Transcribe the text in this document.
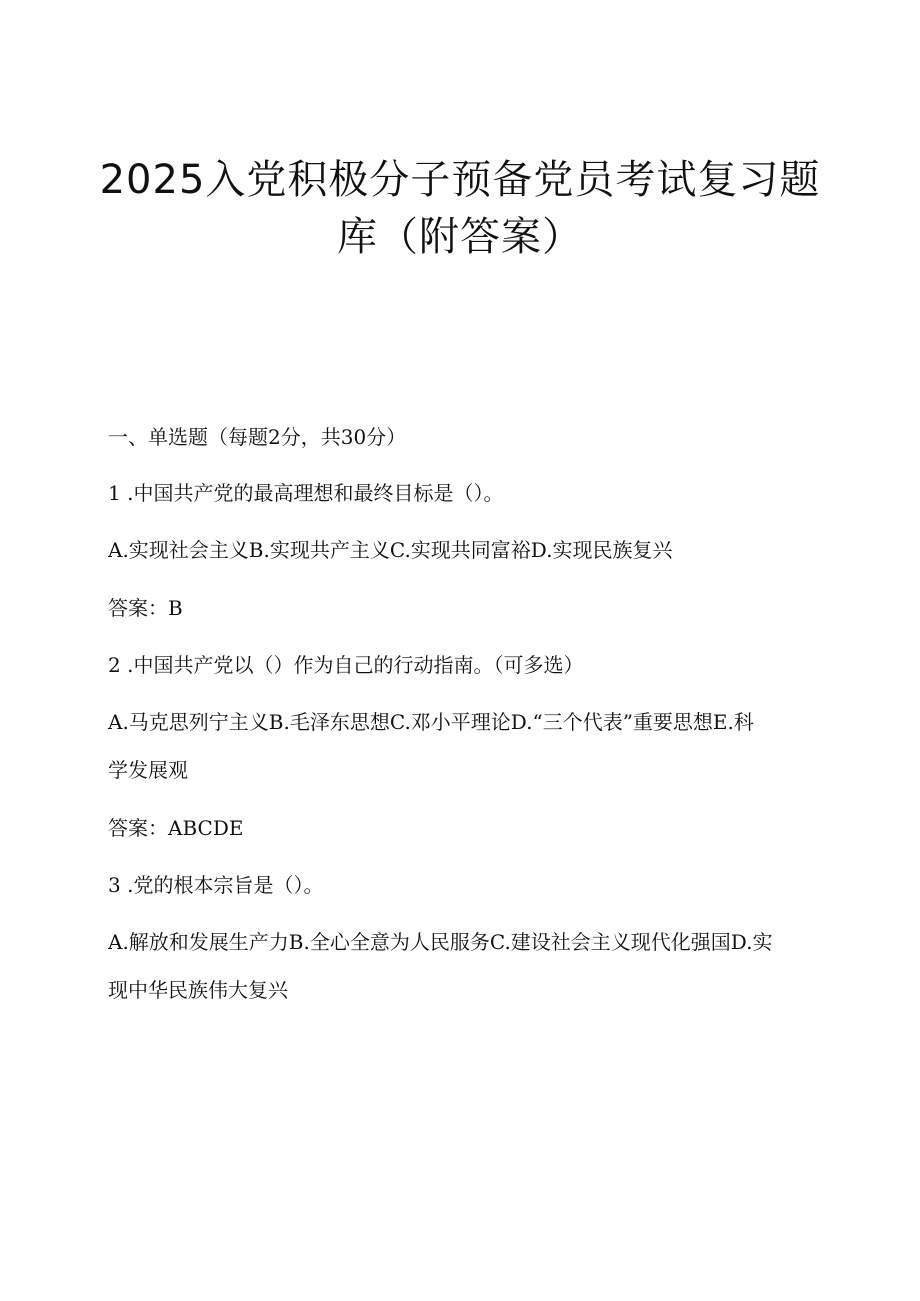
2025入党积极分子预备党员考试复习题
库（附答案）

一、单选题（每题2分，共30分）

1 .中国共产党的最高理想和最终目标是（）。

A.实现社会主义B.实现共产主义C.实现共同富裕D.实现民族复兴

答案：B

2 .中国共产党以（）作为自己的行动指南。（可多选）

A.马克思列宁主义B.毛泽东思想C.邓小平理论D.“三个代表”重要思想E.科

学发展观

答案：ABCDE

3 .党的根本宗旨是（）。

A.解放和发展生产力B.全心全意为人民服务C.建设社会主义现代化强国D.实

现中华民族伟大复兴
